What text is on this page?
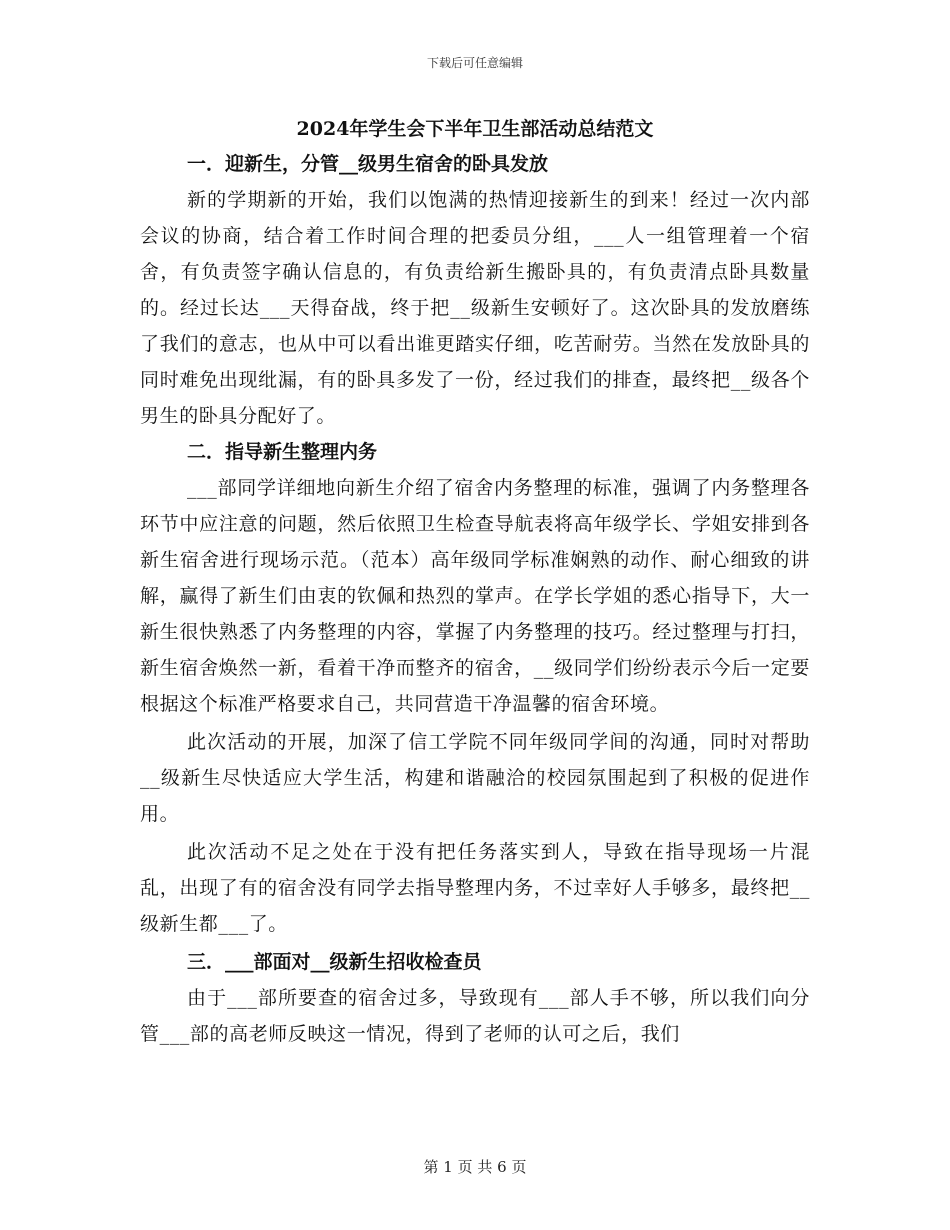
下载后可任意编辑
2024年学生会下半年卫生部活动总结范文
一．迎新生，分管__级男生宿舍的卧具发放

新的学期新的开始，我们以饱满的热情迎接新生的到来！经过一次内部会议的协商，结合着工作时间合理的把委员分组，___人一组管理着一个宿舍，有负责签字确认信息的，有负责给新生搬卧具的，有负责清点卧具数量的。经过长达___天得奋战，终于把__级新生安顿好了。这次卧具的发放磨练了我们的意志，也从中可以看出谁更踏实仔细，吃苦耐劳。当然在发放卧具的同时难免出现纰漏，有的卧具多发了一份，经过我们的排查，最终把__级各个男生的卧具分配好了。

二．指导新生整理内务

___部同学详细地向新生介绍了宿舍内务整理的标准，强调了内务整理各环节中应注意的问题，然后依照卫生检查导航表将高年级学长、学姐安排到各新生宿舍进行现场示范。（范本）高年级同学标准娴熟的动作、耐心细致的讲解，赢得了新生们由衷的钦佩和热烈的掌声。在学长学姐的悉心指导下，大一新生很快熟悉了内务整理的内容，掌握了内务整理的技巧。经过整理与打扫，新生宿舍焕然一新，看着干净而整齐的宿舍，__级同学们纷纷表示今后一定要根据这个标准严格要求自己，共同营造干净温馨的宿舍环境。

此次活动的开展，加深了信工学院不同年级同学间的沟通，同时对帮助__级新生尽快适应大学生活，构建和谐融洽的校园氛围起到了积极的促进作用。

此次活动不足之处在于没有把任务落实到人，导致在指导现场一片混乱，出现了有的宿舍没有同学去指导整理内务，不过幸好人手够多，最终把__级新生都___了。

三．___部面对__级新生招收检查员

由于___部所要查的宿舍过多，导致现有___部人手不够，所以我们向分管___部的高老师反映这一情况，得到了老师的认可之后，我们

第 1 页 共 6 页
